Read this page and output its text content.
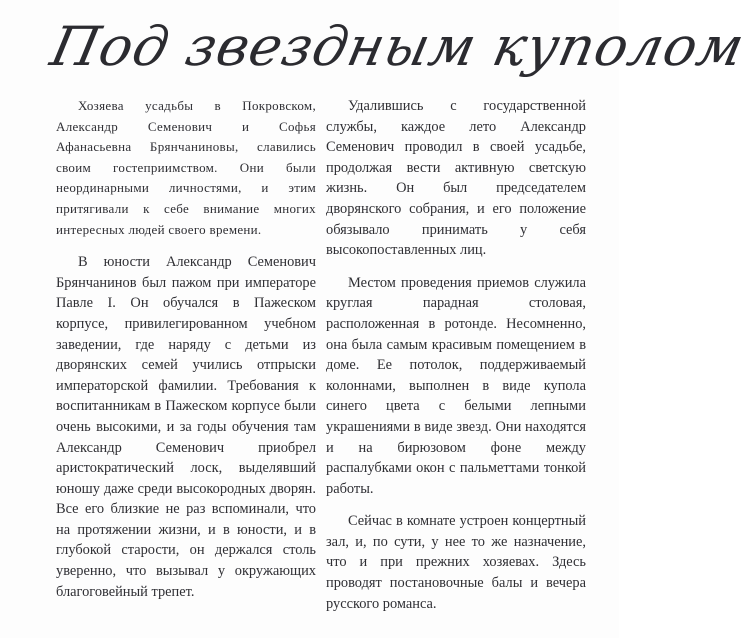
Под звездным куполом

Хозяева усадьбы в Покровском, Александр Семенович и Софья Афанасьевна Брянчаниновы, славились своим гостеприимством. Они были неординарными личностями, и этим притягивали к себе внимание многих интересных людей своего времени.

В юности Александр Семенович Брянчанинов был пажом при императоре Павле I. Он обучался в Пажеском корпусе, привилегированном учебном заведении, где наряду с детьми из дворянских семей учились отпрыски императорской фамилии. Требования к воспитанникам в Пажеском корпусе были очень высокими, и за годы обучения там Александр Семенович приобрел аристократический лоск, выделявший юношу даже среди высокородных дворян. Все его близкие не раз вспоминали, что на протяжении жизни, и в юности, и в глубокой старости, он держался столь уверенно, что вызывал у окружающих благоговейный трепет.

Удалившись с государственной службы, каждое лето Александр Семенович проводил в своей усадьбе, продолжая вести активную светскую жизнь. Он был председателем дворянского собрания, и его положение обязывало принимать у себя высокопоставленных лиц.

Местом проведения приемов служила круглая парадная столовая, расположенная в ротонде. Несомненно, она была самым красивым помещением в доме. Ее потолок, поддерживаемый колоннами, выполнен в виде купола синего цвета с белыми лепными украшениями в виде звезд. Они находятся и на бирюзовом фоне между распалубками окон с пальметтами тонкой работы.

Сейчас в комнате устроен концертный зал, и, по сути, у нее то же назначение, что и при прежних хозяевах. Здесь проводят постановочные балы и вечера русского романса.
